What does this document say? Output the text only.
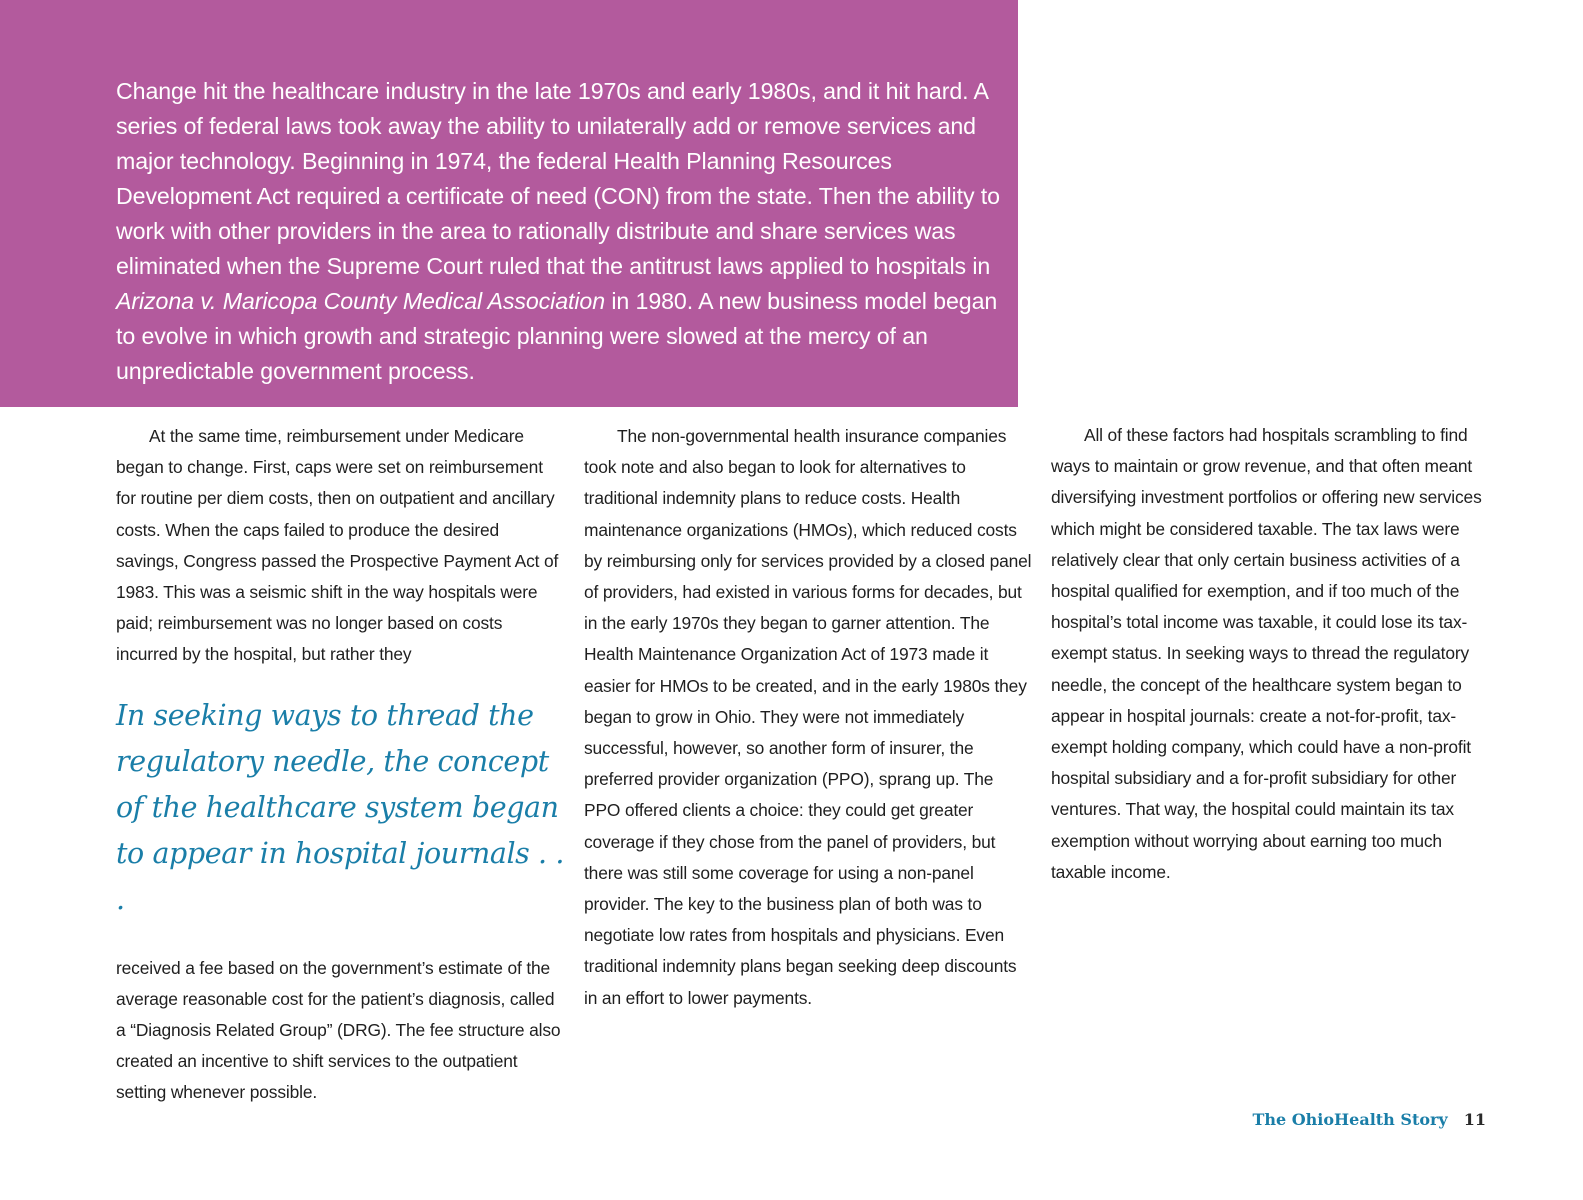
Change hit the healthcare industry in the late 1970s and early 1980s, and it hit hard. A series of federal laws took away the ability to unilaterally add or remove services and major technology. Beginning in 1974, the federal Health Planning Resources Development Act required a certificate of need (CON) from the state. Then the ability to work with other providers in the area to rationally distribute and share services was eliminated when the Supreme Court ruled that the antitrust laws applied to hospitals in Arizona v. Maricopa County Medical Association in 1980. A new business model began to evolve in which growth and strategic planning were slowed at the mercy of an unpredictable government process.

At the same time, reimbursement under Medicare began to change. First, caps were set on reimbursement for routine per diem costs, then on outpatient and ancillary costs. When the caps failed to produce the desired savings, Congress passed the Prospective Payment Act of 1983. This was a seismic shift in the way hospitals were paid; reimbursement was no longer based on costs incurred by the hospital, but rather they

In seeking ways to thread the regulatory needle, the concept of the healthcare system began to appear in hospital journals . . .

received a fee based on the government’s estimate of the average reasonable cost for the patient’s diagnosis, called a “Diagnosis Related Group” (DRG). The fee structure also created an incentive to shift services to the outpatient setting whenever possible.

The non-governmental health insurance companies took note and also began to look for alternatives to traditional indemnity plans to reduce costs. Health maintenance organizations (HMOs), which reduced costs by reimbursing only for services provided by a closed panel of providers, had existed in various forms for decades, but in the early 1970s they began to garner attention. The Health Maintenance Organization Act of 1973 made it easier for HMOs to be created, and in the early 1980s they began to grow in Ohio. They were not immediately successful, however, so another form of insurer, the preferred provider organization (PPO), sprang up. The PPO offered clients a choice: they could get greater coverage if they chose from the panel of providers, but there was still some coverage for using a non-panel provider. The key to the business plan of both was to negotiate low rates from hospitals and physicians. Even traditional indemnity plans began seeking deep discounts in an effort to lower payments.

All of these factors had hospitals scrambling to find ways to maintain or grow revenue, and that often meant diversifying investment portfolios or offering new services which might be considered taxable. The tax laws were relatively clear that only certain business activities of a hospital qualified for exemption, and if too much of the hospital’s total income was taxable, it could lose its tax-exempt status. In seeking ways to thread the regulatory needle, the concept of the healthcare system began to appear in hospital journals: create a not-for-profit, tax-exempt holding company, which could have a non-profit hospital subsidiary and a for-profit subsidiary for other ventures. That way, the hospital could maintain its tax exemption without worrying about earning too much taxable income.

The OhioHealth Story 11
